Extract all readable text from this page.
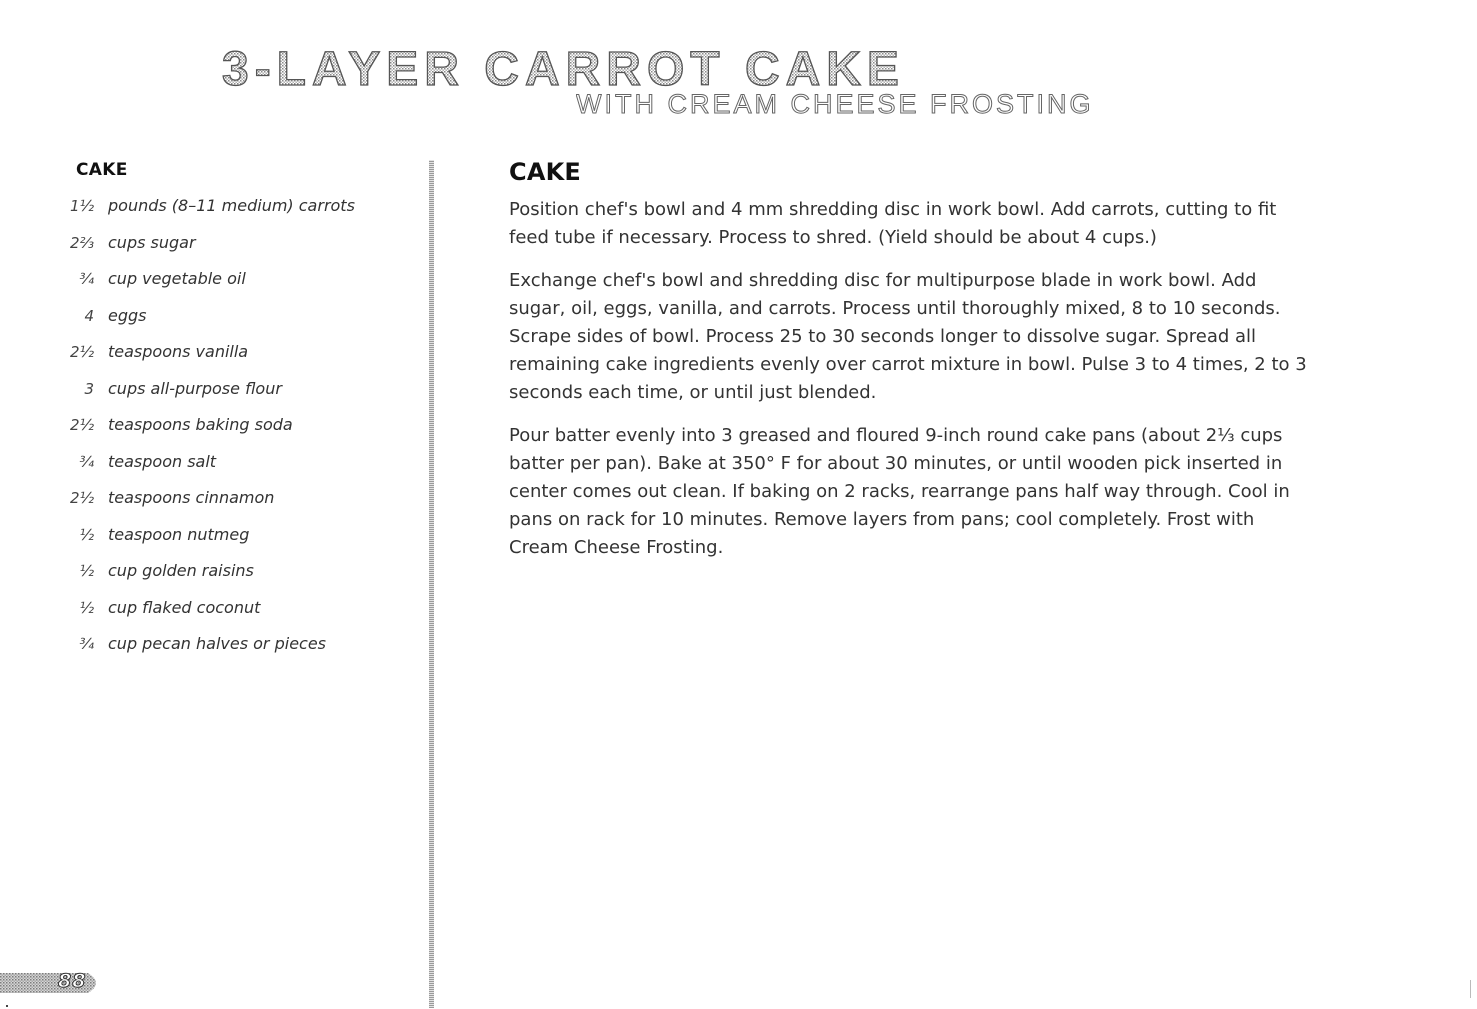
3-LAYER CARROT CAKE
WITH CREAM CHEESE FROSTING
CAKE
1½ pounds (8–11 medium) carrots
2⅔ cups sugar
¾ cup vegetable oil
4 eggs
2½ teaspoons vanilla
3 cups all-purpose flour
2½ teaspoons baking soda
¾ teaspoon salt
2½ teaspoons cinnamon
½ teaspoon nutmeg
½ cup golden raisins
½ cup flaked coconut
¾ cup pecan halves or pieces
CAKE

Position chef's bowl and 4 mm shredding disc in work bowl. Add carrots, cutting to fit feed tube if necessary. Process to shred. (Yield should be about 4 cups.)

Exchange chef's bowl and shredding disc for multipurpose blade in work bowl. Add sugar, oil, eggs, vanilla, and carrots. Process until thoroughly mixed, 8 to 10 seconds. Scrape sides of bowl. Process 25 to 30 seconds longer to dissolve sugar. Spread all remaining cake ingredients evenly over carrot mixture in bowl. Pulse 3 to 4 times, 2 to 3 seconds each time, or until just blended.

Pour batter evenly into 3 greased and floured 9-inch round cake pans (about 2⅓ cups batter per pan). Bake at 350° F for about 30 minutes, or until wooden pick inserted in center comes out clean. If baking on 2 racks, rearrange pans half way through. Cool in pans on rack for 10 minutes. Remove layers from pans; cool completely. Frost with Cream Cheese Frosting.

88
